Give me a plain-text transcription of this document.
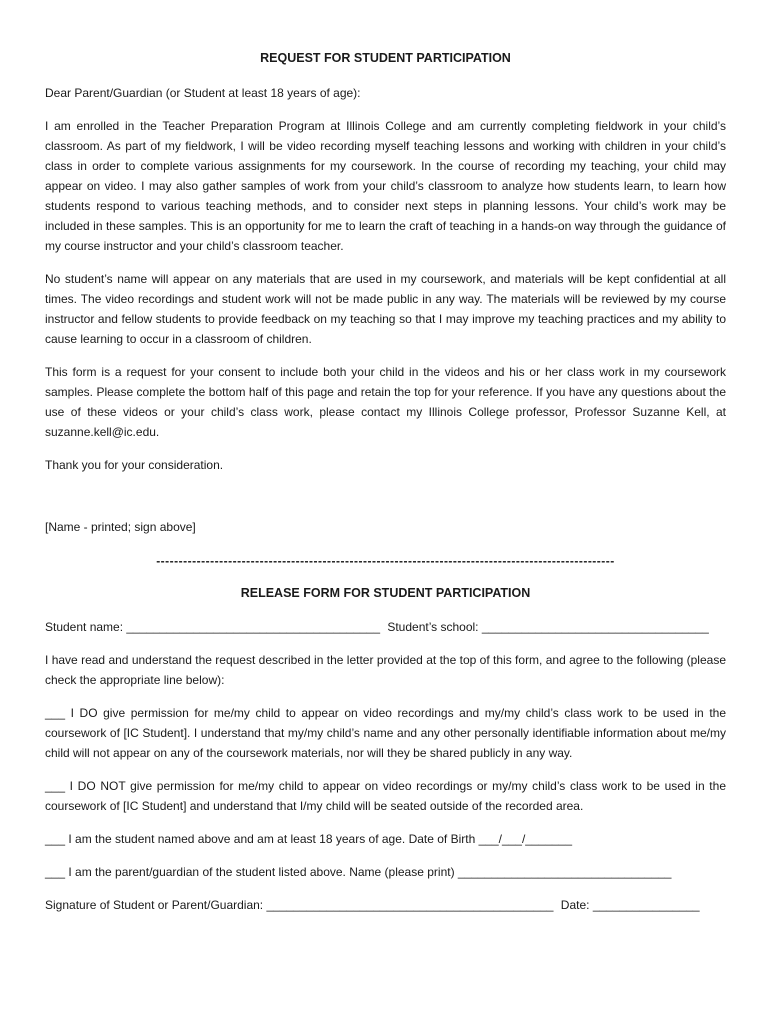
REQUEST FOR STUDENT PARTICIPATION

Dear Parent/Guardian (or Student at least 18 years of age):

I am enrolled in the Teacher Preparation Program at Illinois College and am currently completing fieldwork in your child’s classroom. As part of my fieldwork, I will be video recording myself teaching lessons and working with children in your child’s class in order to complete various assignments for my coursework. In the course of recording my teaching, your child may appear on video. I may also gather samples of work from your child’s classroom to analyze how students learn, to learn how students respond to various teaching methods, and to consider next steps in planning lessons. Your child’s work may be included in these samples. This is an opportunity for me to learn the craft of teaching in a hands-on way through the guidance of my course instructor and your child’s classroom teacher.

No student’s name will appear on any materials that are used in my coursework, and materials will be kept confidential at all times. The video recordings and student work will not be made public in any way. The materials will be reviewed by my course instructor and fellow students to provide feedback on my teaching so that I may improve my teaching practices and my ability to cause learning to occur in a classroom of children.

This form is a request for your consent to include both your child in the videos and his or her class work in my coursework samples. Please complete the bottom half of this page and retain the top for your reference. If you have any questions about the use of these videos or your child’s class work, please contact my Illinois College professor, Professor Suzanne Kell, at suzanne.kell@ic.edu.

Thank you for your consideration.

[Name - printed; sign above]

------------------------------------------------------------------------------------------------------
RELEASE FORM FOR STUDENT PARTICIPATION
Student name: ______________________________________ Student’s school: __________________________________

I have read and understand the request described in the letter provided at the top of this form, and agree to the following (please check the appropriate line below):

___ I DO give permission for me/my child to appear on video recordings and my/my child’s class work to be used in the coursework of [IC Student]. I understand that my/my child’s name and any other personally identifiable information about me/my child will not appear on any of the coursework materials, nor will they be shared publicly in any way.

___ I DO NOT give permission for me/my child to appear on video recordings or my/my child’s class work to be used in the coursework of [IC Student] and understand that I/my child will be seated outside of the recorded area.

___ I am the student named above and am at least 18 years of age. Date of Birth ___/___/_______

___ I am the parent/guardian of the student listed above. Name (please print) ________________________________

Signature of Student or Parent/Guardian: ___________________________________________ Date: ________________
